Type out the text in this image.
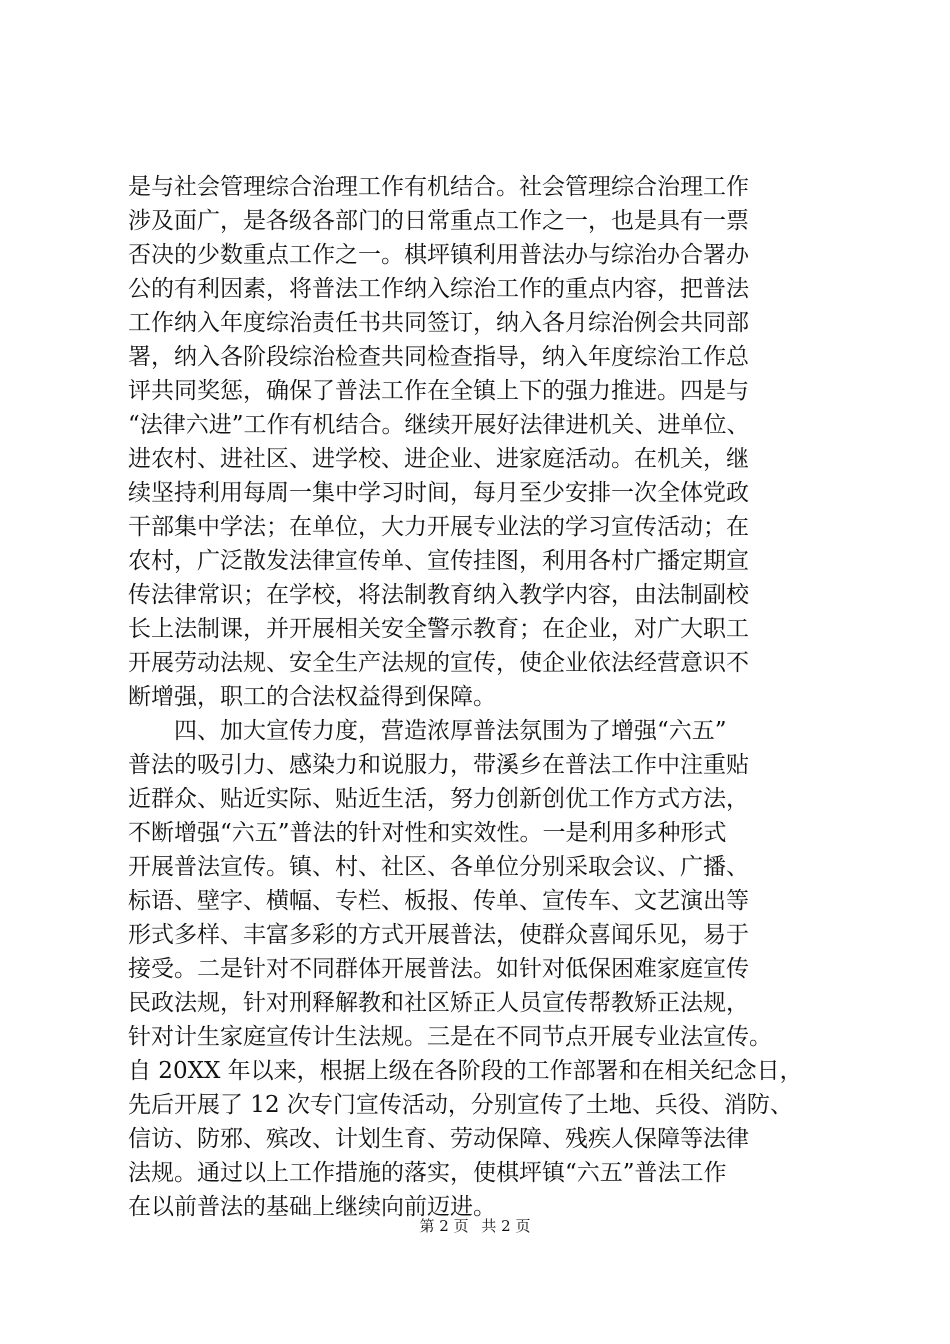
是与社会管理综合治理工作有机结合。社会管理综合治理工作
涉及面广，是各级各部门的日常重点工作之一，也是具有一票
否决的少数重点工作之一。棋坪镇利用普法办与综治办合署办
公的有利因素，将普法工作纳入综治工作的重点内容，把普法
工作纳入年度综治责任书共同签订，纳入各月综治例会共同部
署，纳入各阶段综治检查共同检查指导，纳入年度综治工作总
评共同奖惩，确保了普法工作在全镇上下的强力推进。四是与
“法律六进”工作有机结合。继续开展好法律进机关、进单位、
进农村、进社区、进学校、进企业、进家庭活动。在机关，继
续坚持利用每周一集中学习时间，每月至少安排一次全体党政
干部集中学法；在单位，大力开展专业法的学习宣传活动；在
农村，广泛散发法律宣传单、宣传挂图，利用各村广播定期宣
传法律常识；在学校，将法制教育纳入教学内容，由法制副校
长上法制课，并开展相关安全警示教育；在企业，对广大职工
开展劳动法规、安全生产法规的宣传，使企业依法经营意识不
断增强，职工的合法权益得到保障。
　　四、加大宣传力度，营造浓厚普法氛围为了增强“六五”
普法的吸引力、感染力和说服力，带溪乡在普法工作中注重贴
近群众、贴近实际、贴近生活，努力创新创优工作方式方法，
不断增强“六五”普法的针对性和实效性。一是利用多种形式
开展普法宣传。镇、村、社区、各单位分别采取会议、广播、
标语、壁字、横幅、专栏、板报、传单、宣传车、文艺演出等
形式多样、丰富多彩的方式开展普法，使群众喜闻乐见，易于
接受。二是针对不同群体开展普法。如针对低保困难家庭宣传
民政法规，针对刑释解教和社区矫正人员宣传帮教矫正法规，
针对计生家庭宣传计生法规。三是在不同节点开展专业法宣传。
自 20XX 年以来，根据上级在各阶段的工作部署和在相关纪念日，
先后开展了 12 次专门宣传活动，分别宣传了土地、兵役、消防、
信访、防邪、殡改、计划生育、劳动保障、残疾人保障等法律
法规。通过以上工作措施的落实，使棋坪镇“六五”普法工作
在以前普法的基础上继续向前迈进。
第 2 页 共 2 页
